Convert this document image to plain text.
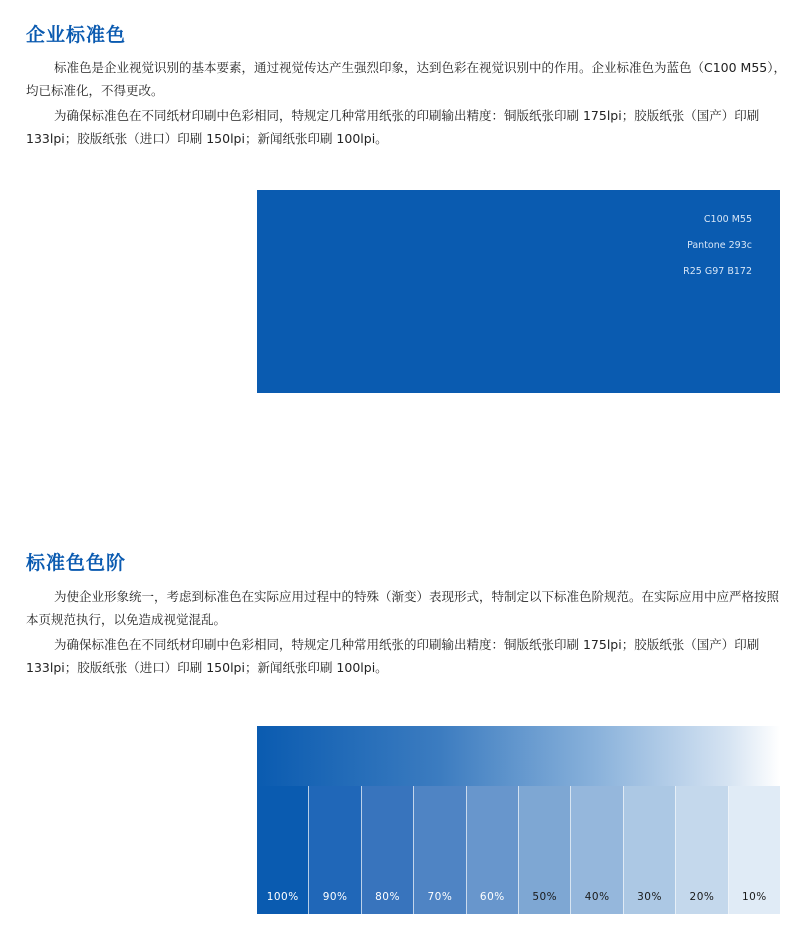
企业标准色

标准色是企业视觉识别的基本要素，通过视觉传达产生强烈印象，达到色彩在视觉识别中的作用。企业标准色为蓝色（C100 M55），均已标准化，不得更改。

为确保标准色在不同纸材印刷中色彩相同，特规定几种常用纸张的印刷输出精度：铜版纸张印刷 175lpi；胶版纸张（国产）印刷 133lpi；胶版纸张（进口）印刷 150lpi；新闻纸张印刷 100lpi。

C100 M55
Pantone 293c
R25 G97 B172
标准色色阶

为使企业形象统一，考虑到标准色在实际应用过程中的特殊（渐变）表现形式，特制定以下标准色阶规范。在实际应用中应严格按照本页规范执行，以免造成视觉混乱。

为确保标准色在不同纸材印刷中色彩相同，特规定几种常用纸张的印刷输出精度：铜版纸张印刷 175lpi；胶版纸张（国产）印刷 133lpi；胶版纸张（进口）印刷 150lpi；新闻纸张印刷 100lpi。

100%	90%	80%	70%	60%	50%	40%	30%	20%	10%
